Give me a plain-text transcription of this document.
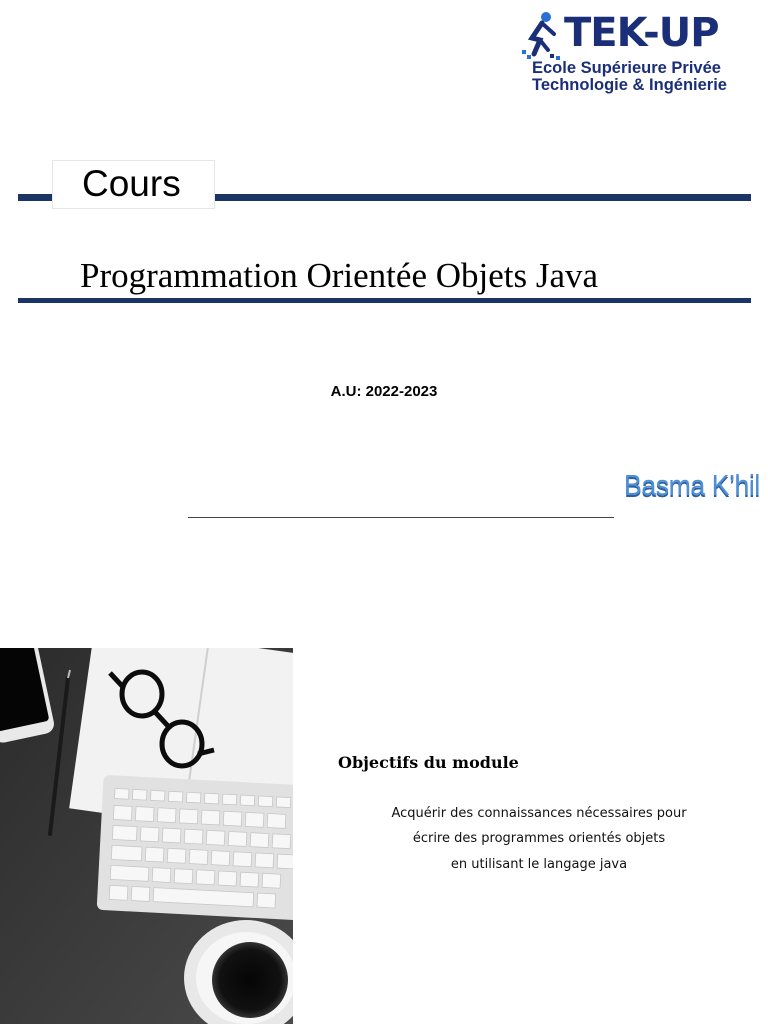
TEK-UP
Ecole Supérieure Privée
Technologie & Ingénierie
Cours
Programmation Orientée Objets Java
A.U: 2022-2023
Basma K’hil
Objectifs du module
Acquérir des connaissances nécessaires pour
écrire des programmes orientés objets
en utilisant le langage java
